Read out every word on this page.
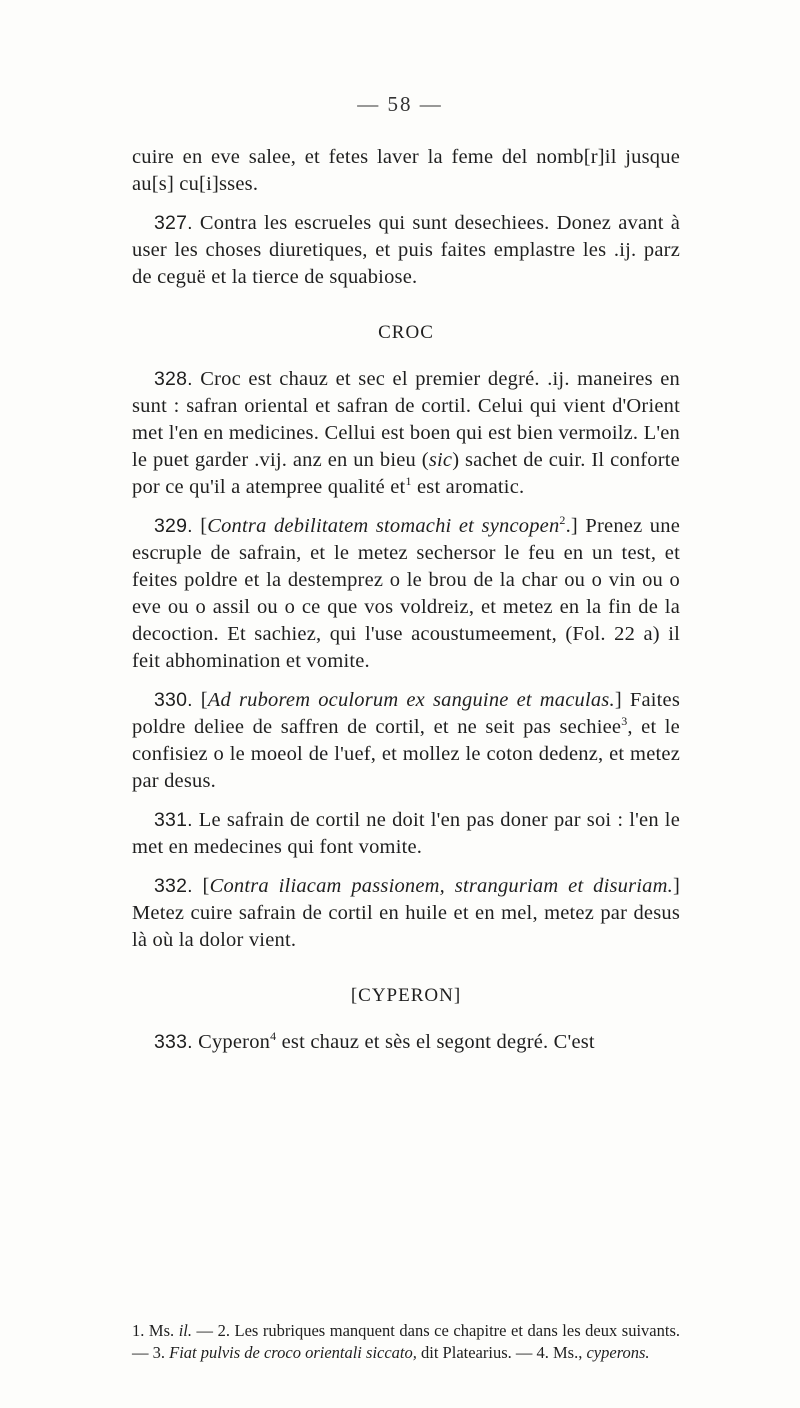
— 58 —

cuire en eve salee, et fetes laver la feme del nomb[r]il jusque au[s] cu[i]sses.

327. Contra les escrueles qui sunt desechiees. Donez avant à user les choses diuretiques, et puis faites emplastre les .ij. parz de ceguë et la tierce de squabiose.

CROC

328. Croc est chauz et sec el premier degré. .ij. maneires en sunt : safran oriental et safran de cortil. Celui qui vient d'Orient met l'en en medicines. Cellui est boen qui est bien vermoilz. L'en le puet garder .vij. anz en un bieu (sic) sachet de cuir. Il conforte por ce qu'il a atempree qualité $et^1$ est aromatic.

329. [Contra debilitatem stomachi et syncopen$^2$.] Prenez une escruple de safrain, et le metez sechersor le feu en un test, et feites poldre et la destemprez o le brou de la char ou o vin ou o eve ou o assil ou o ce que vos voldreiz, et metez en la fin de la decoction. Et sachiez, qui l'use acoustumeement, (Fol. 22 a) il feit abhomination et vomite.

330. [Ad ruborem oculorum ex sanguine et maculas.] Faites poldre deliee de saffren de cortil, et ne seit pas sechiee$^3$, et le confisiez o le moeol de l'uef, et mollez le coton dedenz, et metez par desus.

331. Le safrain de cortil ne doit l'en pas doner par soi : l'en le met en medecines qui font vomite.

332. [Contra iliacam passionem, stranguriam et disuriam.] Metez cuire safrain de cortil en huile et en mel, metez par desus là où la dolor vient.

[CYPERON]

333. Cyperon$^4$ est chauz et sès el segont degré. C'est

1. Ms. il. — 2. Les rubriques manquent dans ce chapitre et dans les deux suivants. — 3. Fiat pulvis de croco orientali siccato, dit Platearius. — 4. Ms., cyperons.
